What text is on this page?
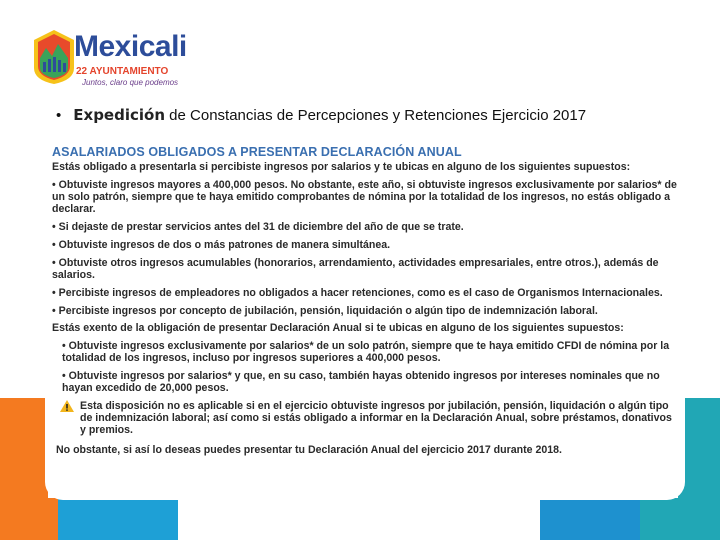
Mexicali
22 AYUNTAMIENTO
Juntos, claro que podemos
• Expedición de Constancias de Percepciones y Retenciones Ejercicio 2017
ASALARIADOS OBLIGADOS A PRESENTAR DECLARACIÓN ANUAL
Estás obligado a presentarla si percibiste ingresos por salarios y te ubicas en alguno de los siguientes supuestos:
• Obtuviste ingresos mayores a 400,000 pesos. No obstante, este año, si obtuviste ingresos exclusivamente por salarios* de un solo patrón, siempre que te haya emitido comprobantes de nómina por la totalidad de los ingresos, no estás obligado a declarar.
• Si dejaste de prestar servicios antes del 31 de diciembre del año de que se trate.
• Obtuviste ingresos de dos o más patrones de manera simultánea.
• Obtuviste otros ingresos acumulables (honorarios, arrendamiento, actividades empresariales, entre otros.), además de salarios.
• Percibiste ingresos de empleadores no obligados a hacer retenciones, como es el caso de Organismos Internacionales.
• Percibiste ingresos por concepto de jubilación, pensión, liquidación o algún tipo de indemnización laboral.
Estás exento de la obligación de presentar Declaración Anual si te ubicas en alguno de los siguientes supuestos:
• Obtuviste ingresos exclusivamente por salarios* de un solo patrón, siempre que te haya emitido CFDI de nómina por la totalidad de los ingresos, incluso por ingresos superiores a 400,000 pesos.
• Obtuviste ingresos por salarios* y que, en su caso, también hayas obtenido ingresos por intereses nominales que no hayan excedido de 20,000 pesos.
Esta disposición no es aplicable si en el ejercicio obtuviste ingresos por jubilación, pensión, liquidación o algún tipo de indemnización laboral; así como si estás obligado a informar en la Declaración Anual, sobre préstamos, donativos y premios.
No obstante, si así lo deseas puedes presentar tu Declaración Anual del ejercicio 2017 durante 2018.
